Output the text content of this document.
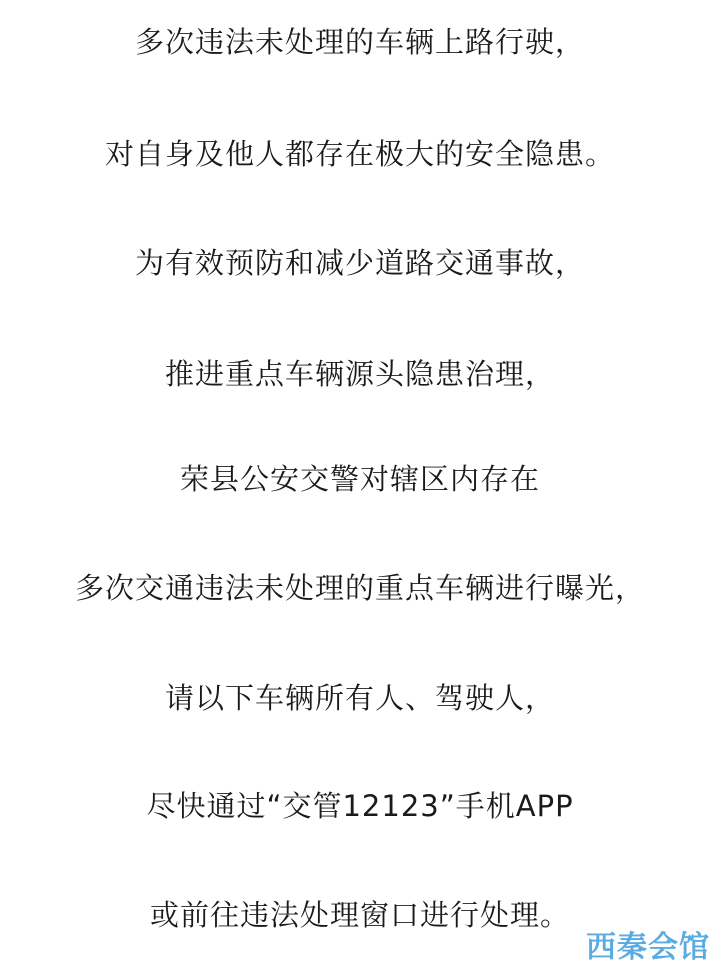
多次违法未处理的车辆上路行驶，
对自身及他人都存在极大的安全隐患。
为有效预防和减少道路交通事故，
推进重点车辆源头隐患治理，
荣县公安交警对辖区内存在
多次交通违法未处理的重点车辆进行曝光，
请以下车辆所有人、驾驶人，
尽快通过“交管12123”手机APP
或前往违法处理窗口进行处理。
西秦会馆
